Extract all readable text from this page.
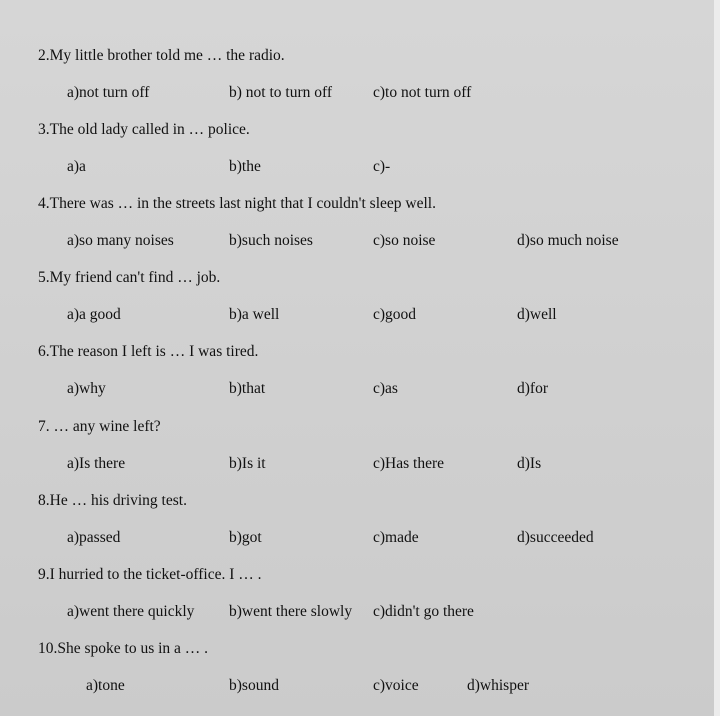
2.My little brother told me … the radio.
a)not turn off	b) not to turn off	c)to not turn off
3.The old lady called in … police.
a)a	b)the	c)-
4.There was … in the streets last night that I couldn't sleep well.
a)so many noises	b)such noises	c)so noise	d)so much noise
5.My friend can't find … job.
a)a good	b)a well	c)good	d)well
6.The reason I left is … I was tired.
a)why	b)that	c)as	d)for
7. … any wine left?
a)Is there	b)Is it	c)Has there	d)Is
8.He … his driving test.
a)passed	b)got	c)made	d)succeeded
9.I hurried to the ticket-office. I … .
a)went there quickly b)went there slowly c)didn't go there
10.She spoke to us in a … .
a)tone	b)sound	c)voice	d)whisper
